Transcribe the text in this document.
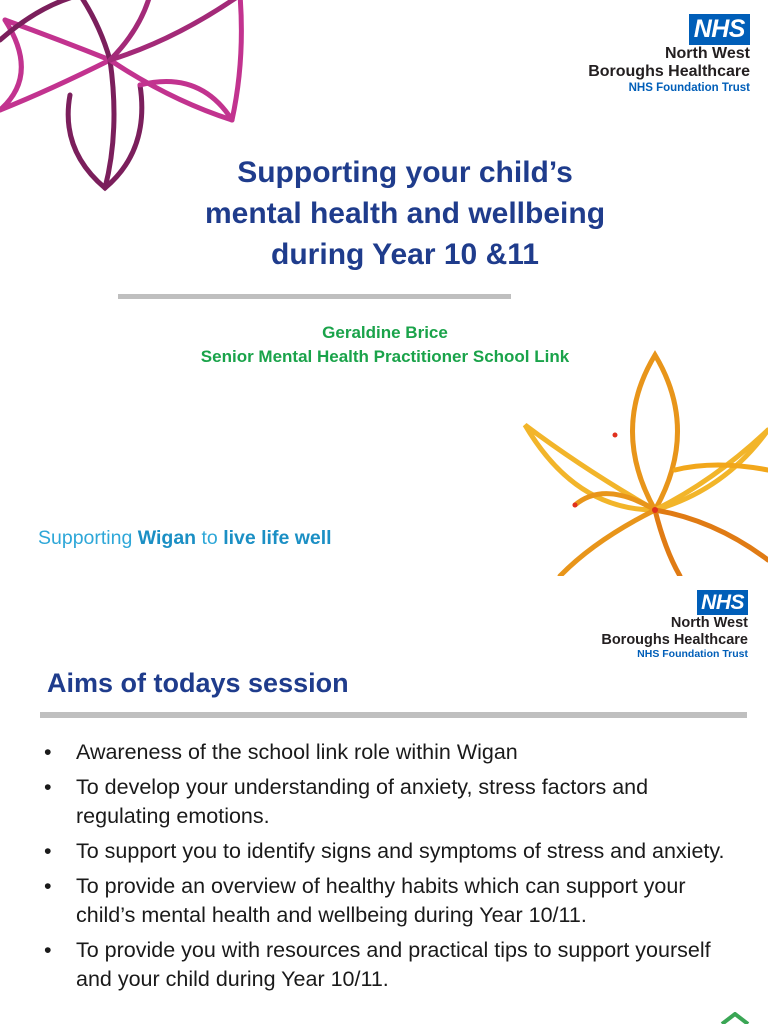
NHS
North West
Boroughs Healthcare
NHS Foundation Trust
Supporting your child’s
mental health and wellbeing
during Year 10 &11
Geraldine Brice
Senior Mental Health Practitioner School Link
Supporting Wigan to live life well
NHS
North West
Boroughs Healthcare
NHS Foundation Trust
Aims of todays session
•	Awareness of the school link role within Wigan
•	To develop your understanding of anxiety, stress factors and regulating emotions.
•	To support you to identify signs and symptoms of stress and anxiety.
•	To provide an overview of healthy habits which can support your child’s mental health and wellbeing during Year 10/11.
•	To provide you with resources and practical tips to support yourself and your child during Year 10/11.
